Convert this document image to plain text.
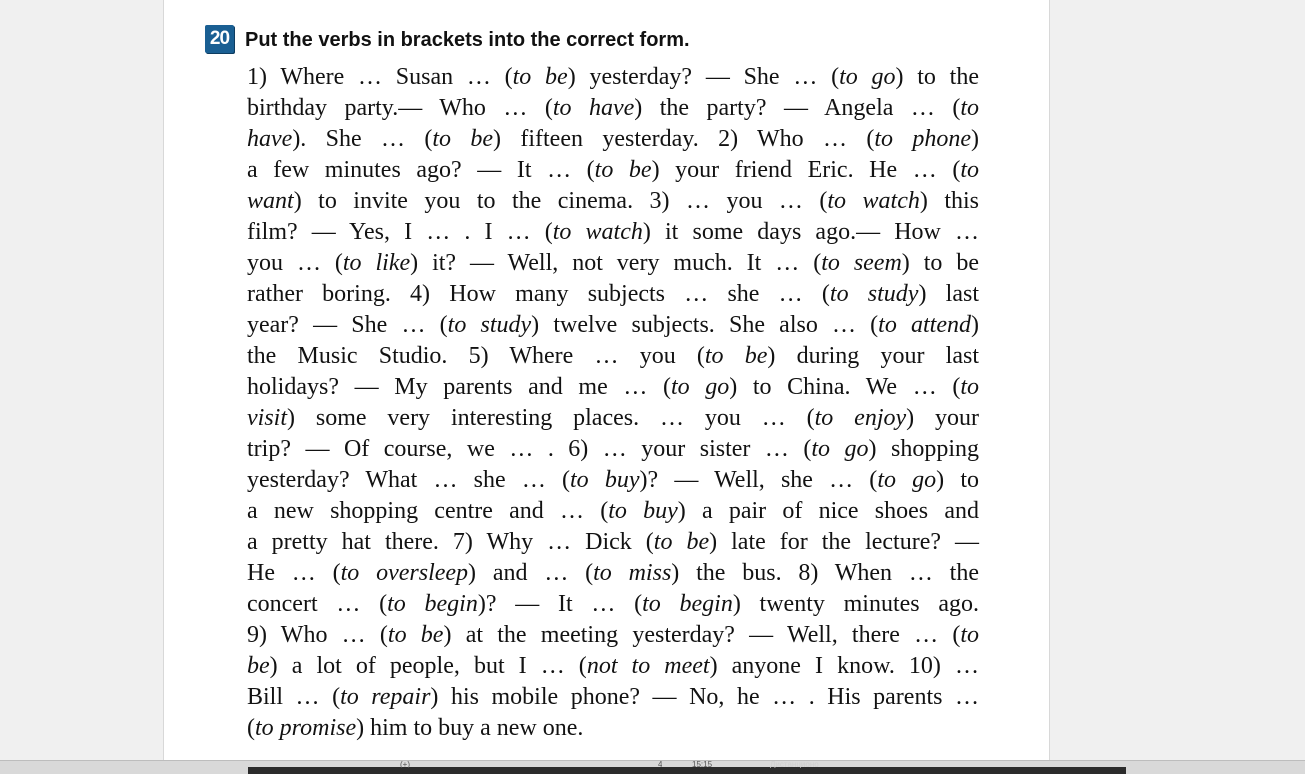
20 Put the verbs in brackets into the correct form.
1) Where … Susan … (to be) yesterday? — She … (to go) to the
birthday party.— Who … (to have) the party? — Angela … (to
have). She … (to be) fifteen yesterday. 2) Who … (to phone)
a few minutes ago? — It … (to be) your friend Eric. He … (to
want) to invite you to the cinema. 3) … you … (to watch) this
film? — Yes, I … . I … (to watch) it some days ago.— How …
you … (to like) it? — Well, not very much. It … (to seem) to be
rather boring. 4) How many subjects … she … (to study) last
year? — She … (to study) twelve subjects. She also … (to attend)
the Music Studio. 5) Where … you (to be) during your last
holidays? — My parents and me … (to go) to China. We … (to
visit) some very interesting places. … you … (to enjoy) your
trip? — Of course, we … . 6) … your sister … (to go) shopping
yesterday? What … she … (to buy)? — Well, she … (to go) to
a new shopping centre and … (to buy) a pair of nice shoes and
a pretty hat there. 7) Why … Dick (to be) late for the lecture? —
He … (to oversleep) and … (to miss) the bus. 8) When … the
concert … (to begin)? — It … (to begin) twenty minutes ago.
9) Who … (to be) at the meeting yesterday? — Well, there … (to
be) a lot of people, but I … (not to meet) anyone I know. 10) …
Bill … (to repair) his mobile phone? — No, he … . His parents …
(to promise) him to buy a new one.
(+)	4	15:15	Дистанционо
